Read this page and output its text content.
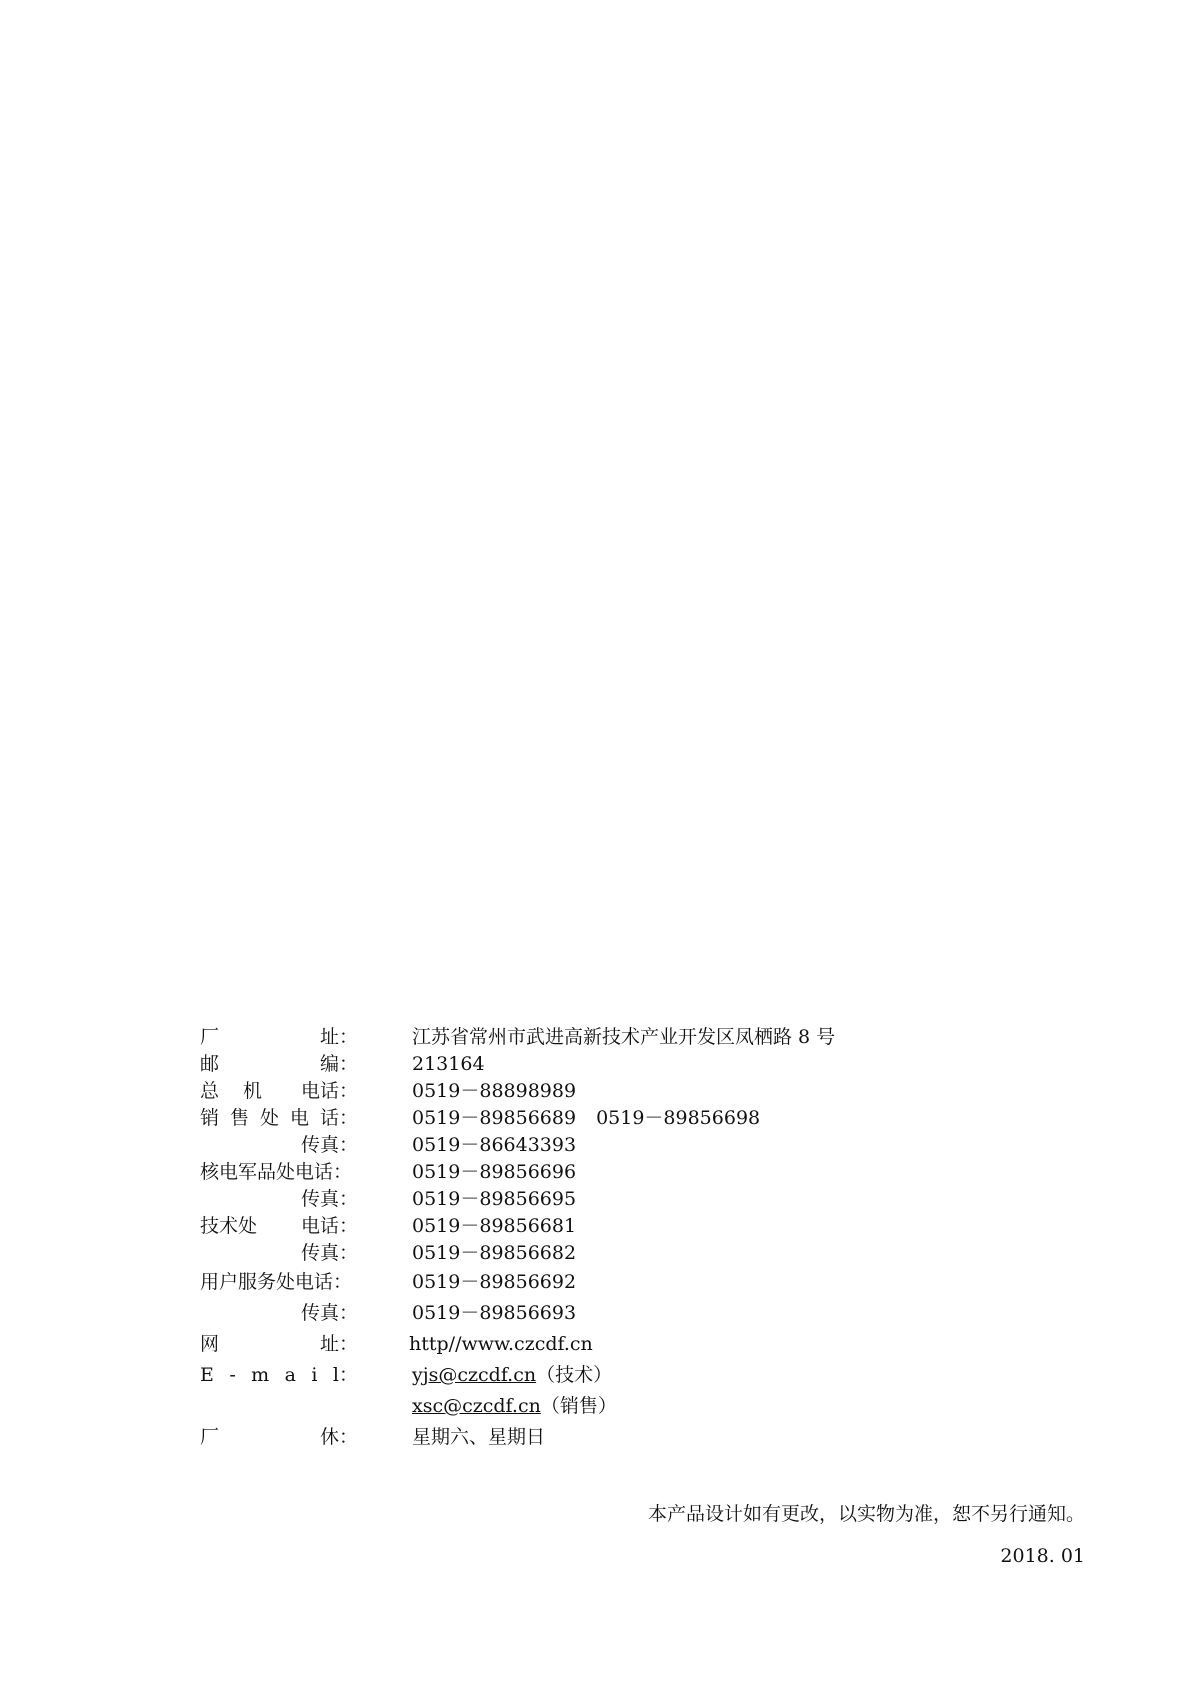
厂	址：	江苏省常州市武进高新技术产业开发区凤栖路 8 号
邮	编：	213164
总 机 电话：	0519－88898989
销 售 处 电 话：	0519－89856689 0519－89856698
传真：	0519－86643393
核电军品处电话：	0519－89856696
传真：	0519－89856695
技术处 电话：	0519－89856681
传真：	0519－89856682
用户服务处电话：	0519－89856692
传真：	0519－89856693
网	址：	http//www.czcdf.cn
E - m a i l：	yjs@czcdf.cn（技术）
xsc@czcdf.cn（销售）
厂	休：	星期六、星期日
本产品设计如有更改，以实物为准，恕不另行通知。
2018. 01
